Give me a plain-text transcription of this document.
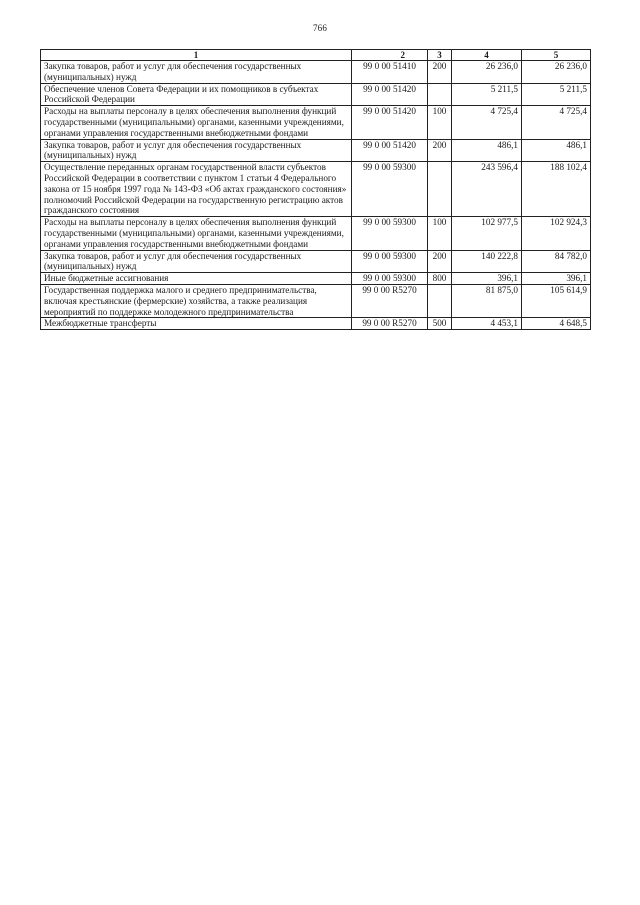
766
1	2	3	4	5
Закупка товаров, работ и услуг для обеспечения государственных (муниципальных) нужд	99 0 00 51410	200	26 236,0	26 236,0
Обеспечение членов Совета Федерации и их помощников в субъектах Российской Федерации	99 0 00 51420		5 211,5	5 211,5
Расходы на выплаты персоналу в целях обеспечения выполнения функций государственными (муниципальными) органами, казенными учреждениями, органами управления государственными внебюджетными фондами	99 0 00 51420	100	4 725,4	4 725,4
Закупка товаров, работ и услуг для обеспечения государственных (муниципальных) нужд	99 0 00 51420	200	486,1	486,1
Осуществление переданных органам государственной власти субъектов Российской Федерации в соответствии с пунктом 1 статьи 4 Федерального закона от 15 ноября 1997 года № 143-ФЗ «Об актах гражданского состояния» полномочий Российской Федерации на государственную регистрацию актов гражданского состояния	99 0 00 59300		243 596,4	188 102,4
Расходы на выплаты персоналу в целях обеспечения выполнения функций государственными (муниципальными) органами, казенными учреждениями, органами управления государственными внебюджетными фондами	99 0 00 59300	100	102 977,5	102 924,3
Закупка товаров, работ и услуг для обеспечения государственных (муниципальных) нужд	99 0 00 59300	200	140 222,8	84 782,0
Иные бюджетные ассигнования	99 0 00 59300	800	396,1	396,1
Государственная поддержка малого и среднего предпринимательства, включая крестьянские (фермерские) хозяйства, а также реализация мероприятий по поддержке молодежного предпринимательства	99 0 00 R5270		81 875,0	105 614,9
Межбюджетные трансферты	99 0 00 R5270	500	4 453,1	4 648,5
